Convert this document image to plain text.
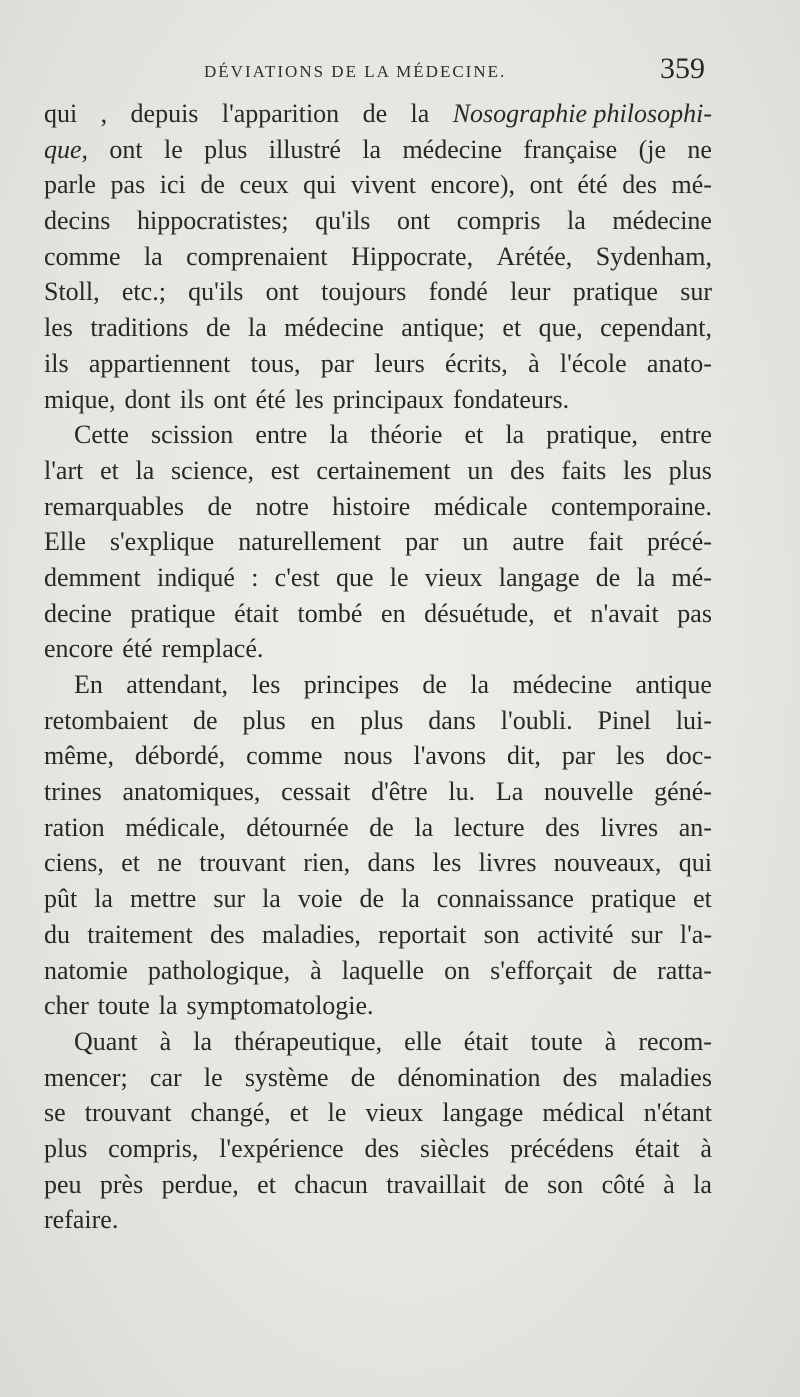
DÉVIATIONS DE LA MÉDECINE.	359
qui , depuis l'apparition de la Nosographie philosophi-
que, ont le plus illustré la médecine française (je ne
parle pas ici de ceux qui vivent encore), ont été des mé-
decins hippocratistes; qu'ils ont compris la médecine
comme la comprenaient Hippocrate, Arétée, Sydenham,
Stoll, etc.; qu'ils ont toujours fondé leur pratique sur
les traditions de la médecine antique; et que, cependant,
ils appartiennent tous, par leurs écrits, à l'école anato-
mique, dont ils ont été les principaux fondateurs.
Cette scission entre la théorie et la pratique, entre
l'art et la science, est certainement un des faits les plus
remarquables de notre histoire médicale contemporaine.
Elle s'explique naturellement par un autre fait précé-
demment indiqué : c'est que le vieux langage de la mé-
decine pratique était tombé en désuétude, et n'avait pas
encore été remplacé.
En attendant, les principes de la médecine antique
retombaient de plus en plus dans l'oubli. Pinel lui-
même, débordé, comme nous l'avons dit, par les doc-
trines anatomiques, cessait d'être lu. La nouvelle géné-
ration médicale, détournée de la lecture des livres an-
ciens, et ne trouvant rien, dans les livres nouveaux, qui
pût la mettre sur la voie de la connaissance pratique et
du traitement des maladies, reportait son activité sur l'a-
natomie pathologique, à laquelle on s'efforçait de ratta-
cher toute la symptomatologie.
Quant à la thérapeutique, elle était toute à recom-
mencer; car le système de dénomination des maladies
se trouvant changé, et le vieux langage médical n'étant
plus compris, l'expérience des siècles précédens était à
peu près perdue, et chacun travaillait de son côté à la
refaire.
